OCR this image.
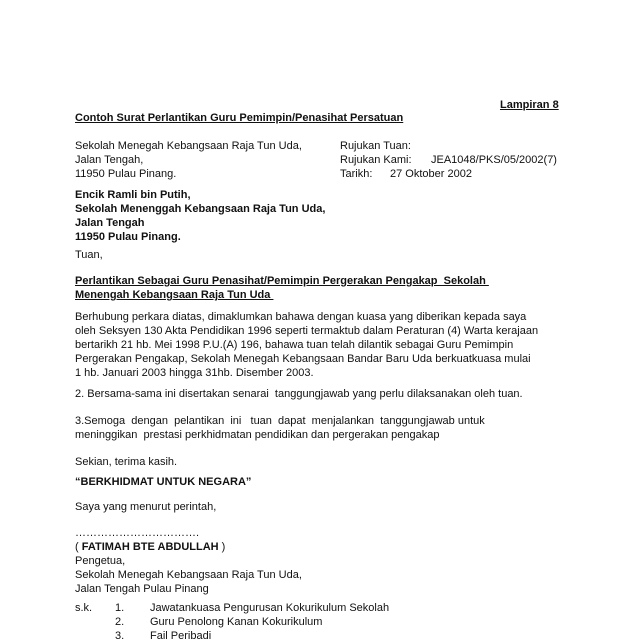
Lampiran 8
Contoh Surat Perlantikan Guru Pemimpin/Penasihat Persatuan
Sekolah Menegah Kebangsaan Raja Tun Uda,
Jalan Tengah,
11950 Pulau Pinang.
Rujukan Tuan:
Rujukan Kami: JEA1048/PKS/05/2002(7)
Tarikh: 27 Oktober 2002
Encik Ramli bin Putih,
Sekolah Menenggah Kebangsaan Raja Tun Uda,
Jalan Tengah
11950 Pulau Pinang.
Tuan,
Perlantikan Sebagai Guru Penasihat/Pemimpin Pergerakan Pengakap  Sekolah
Menengah Kebangsaan Raja Tun Uda
Berhubung perkara diatas, dimaklumkan bahawa dengan kuasa yang diberikan kepada saya
oleh Seksyen 130 Akta Pendidikan 1996 seperti termaktub dalam Peraturan (4) Warta kerajaan
bertarikh 21 hb. Mei 1998 P.U.(A) 196, bahawa tuan telah dilantik sebagai Guru Pemimpin
Pergerakan Pengakap, Sekolah Menegah Kebangsaan Bandar Baru Uda berkuatkuasa mulai
1 hb. Januari 2003 hingga 31hb. Disember 2003.
2. Bersama-sama ini disertakan senarai  tanggungjawab yang perlu dilaksanakan oleh tuan.
3.Semoga  dengan  pelantikan  ini   tuan  dapat  menjalankan  tanggungjawab untuk
meninggikan  prestasi perkhidmatan pendidikan dan pergerakan pengakap
Sekian, terima kasih.
“BERKHIDMAT UNTUK NEGARA”
Saya yang menurut perintah,
…………………………….
( FATIMAH BTE ABDULLAH )
Pengetua,
Sekolah Menegah Kebangsaan Raja Tun Uda,
Jalan Tengah Pulau Pinang
s.k. 1. Jawatankuasa Pengurusan Kokurikulum Sekolah
2. Guru Penolong Kanan Kokurikulum
3. Fail Peribadi
